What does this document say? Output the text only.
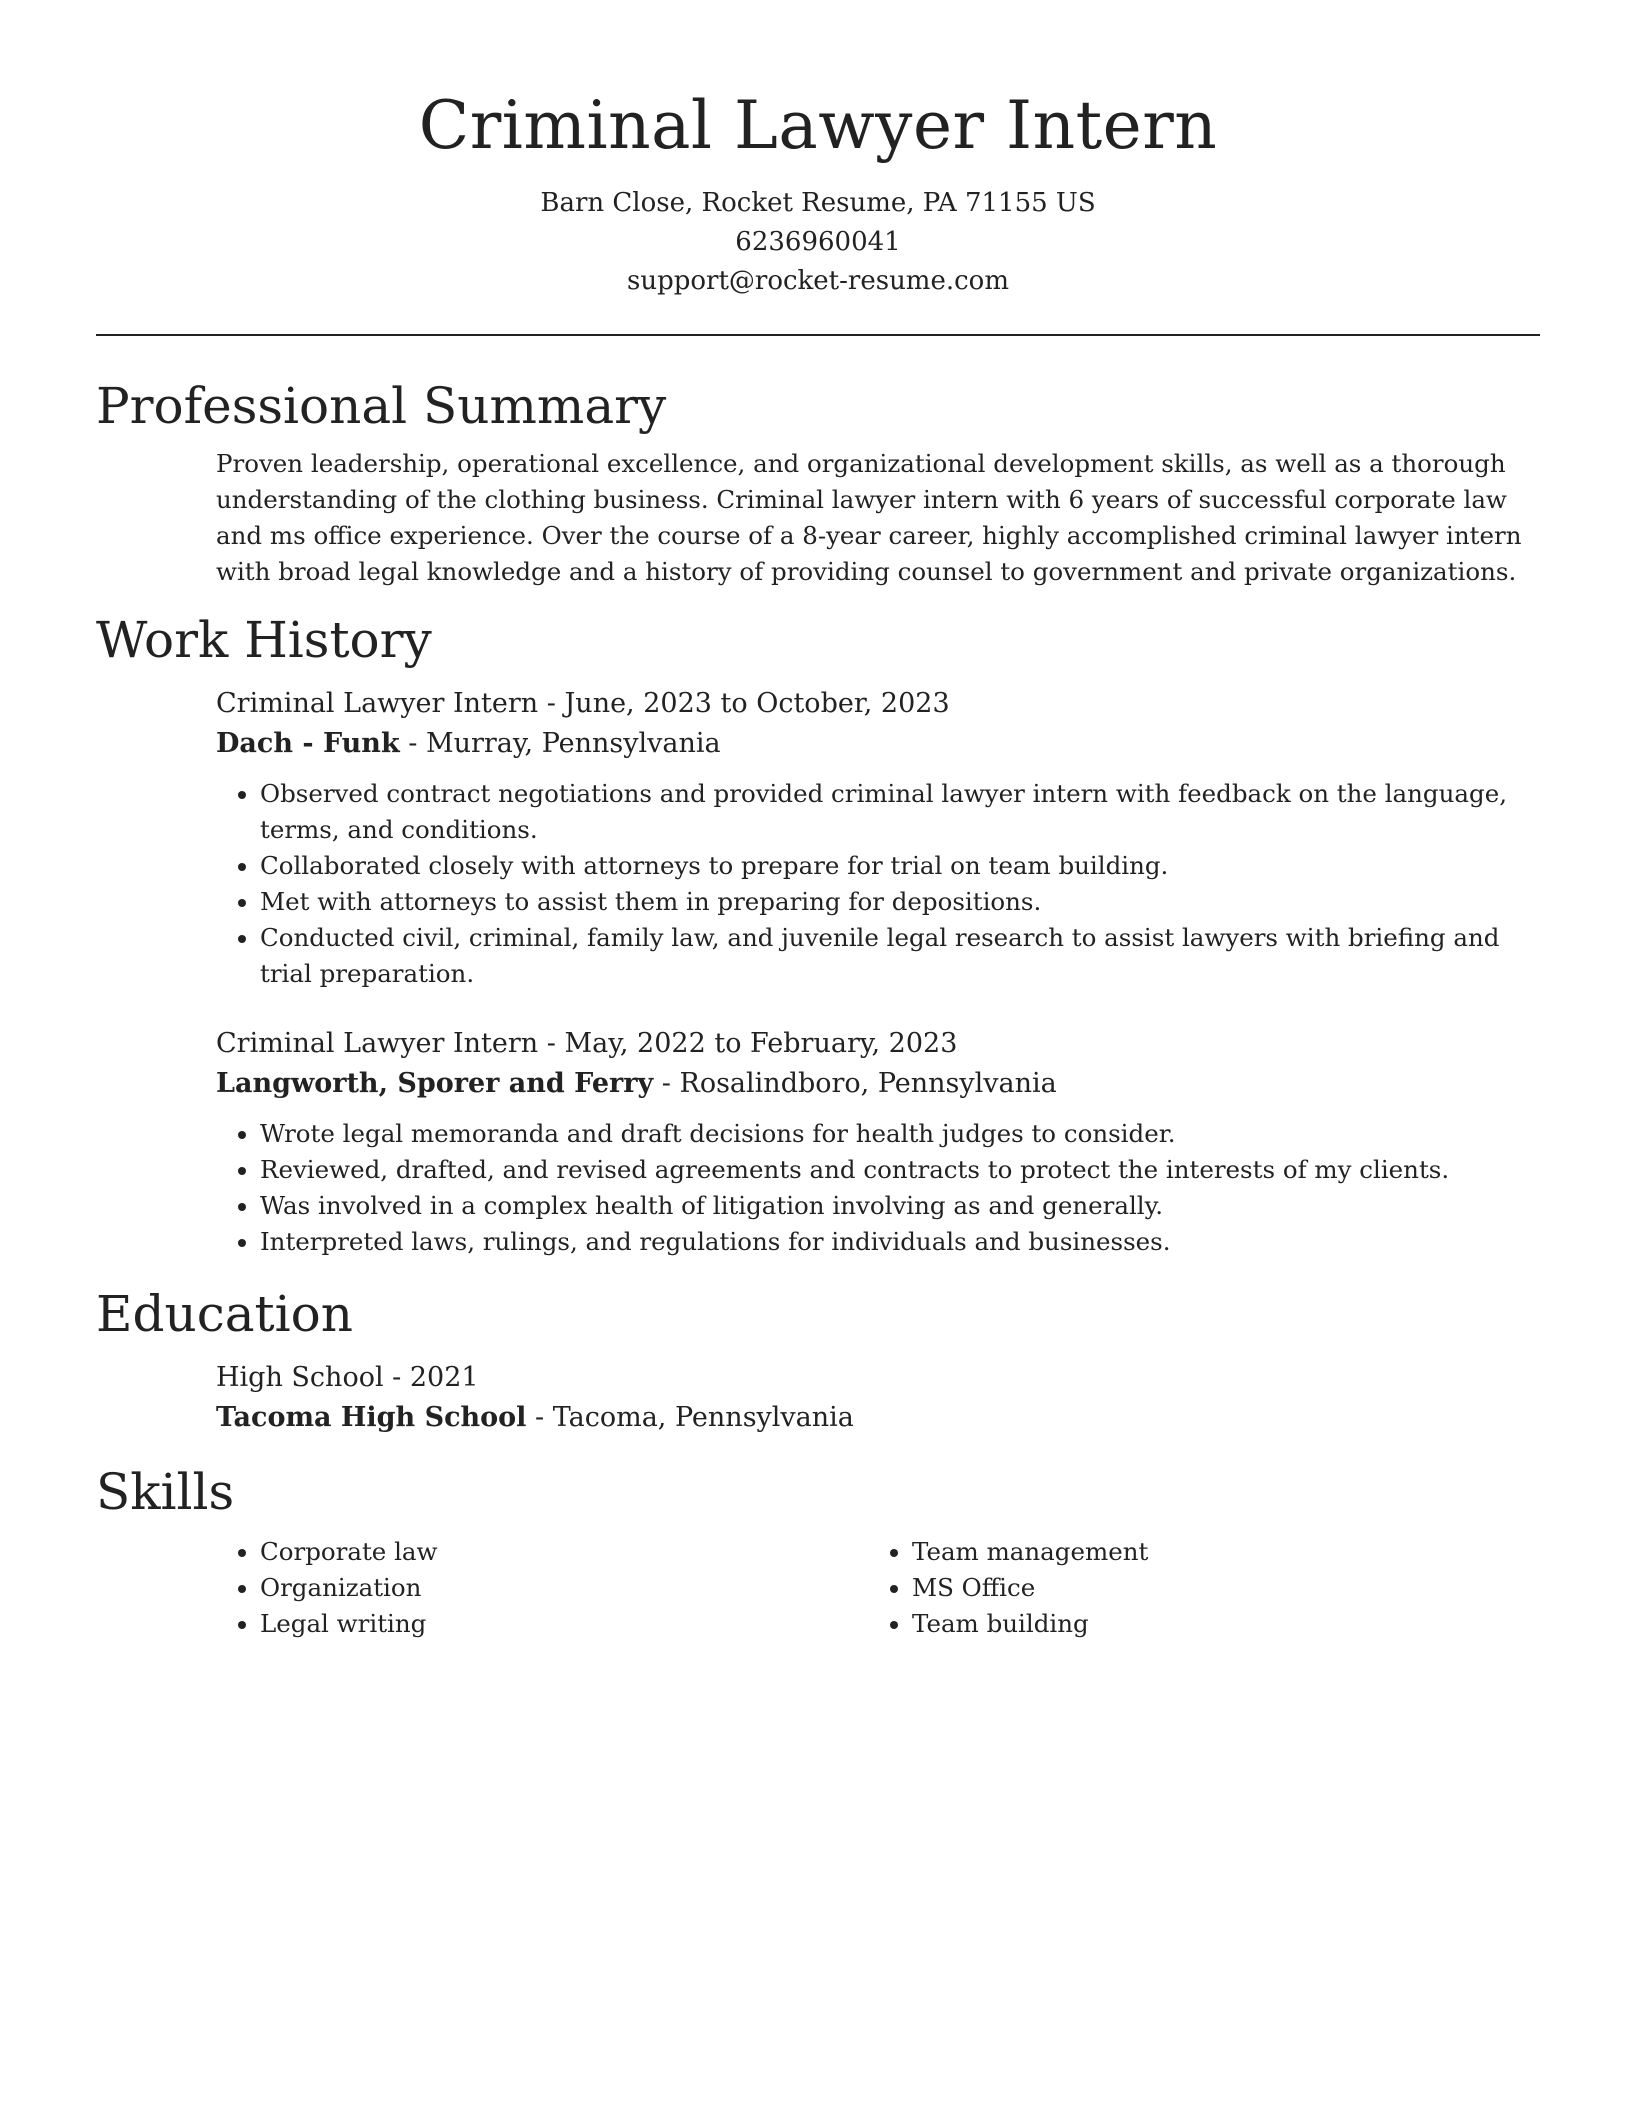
Criminal Lawyer Intern

Barn Close, Rocket Resume, PA 71155 US

6236960041

support@rocket-resume.com

Professional Summary

Proven leadership, operational excellence, and organizational development skills, as well as a thorough understanding of the clothing business. Criminal lawyer intern with 6 years of successful corporate law and ms office experience. Over the course of a 8-year career, highly accomplished criminal lawyer intern with broad legal knowledge and a history of providing counsel to government and private organizations.

Work History

Criminal Lawyer Intern - June, 2023 to October, 2023

Dach - Funk - Murray, Pennsylvania

• Observed contract negotiations and provided criminal lawyer intern with feedback on the language, terms, and conditions.
• Collaborated closely with attorneys to prepare for trial on team building.
• Met with attorneys to assist them in preparing for depositions.
• Conducted civil, criminal, family law, and juvenile legal research to assist lawyers with briefing and trial preparation.

Criminal Lawyer Intern - May, 2022 to February, 2023

Langworth, Sporer and Ferry - Rosalindboro, Pennsylvania

• Wrote legal memoranda and draft decisions for health judges to consider.
• Reviewed, drafted, and revised agreements and contracts to protect the interests of my clients.
• Was involved in a complex health of litigation involving as and generally.
• Interpreted laws, rulings, and regulations for individuals and businesses.
Education

High School - 2021

Tacoma High School - Tacoma, Pennsylvania

Skills
• Corporate law
• Organization
• Legal writing
• Team management
• MS Office
• Team building
